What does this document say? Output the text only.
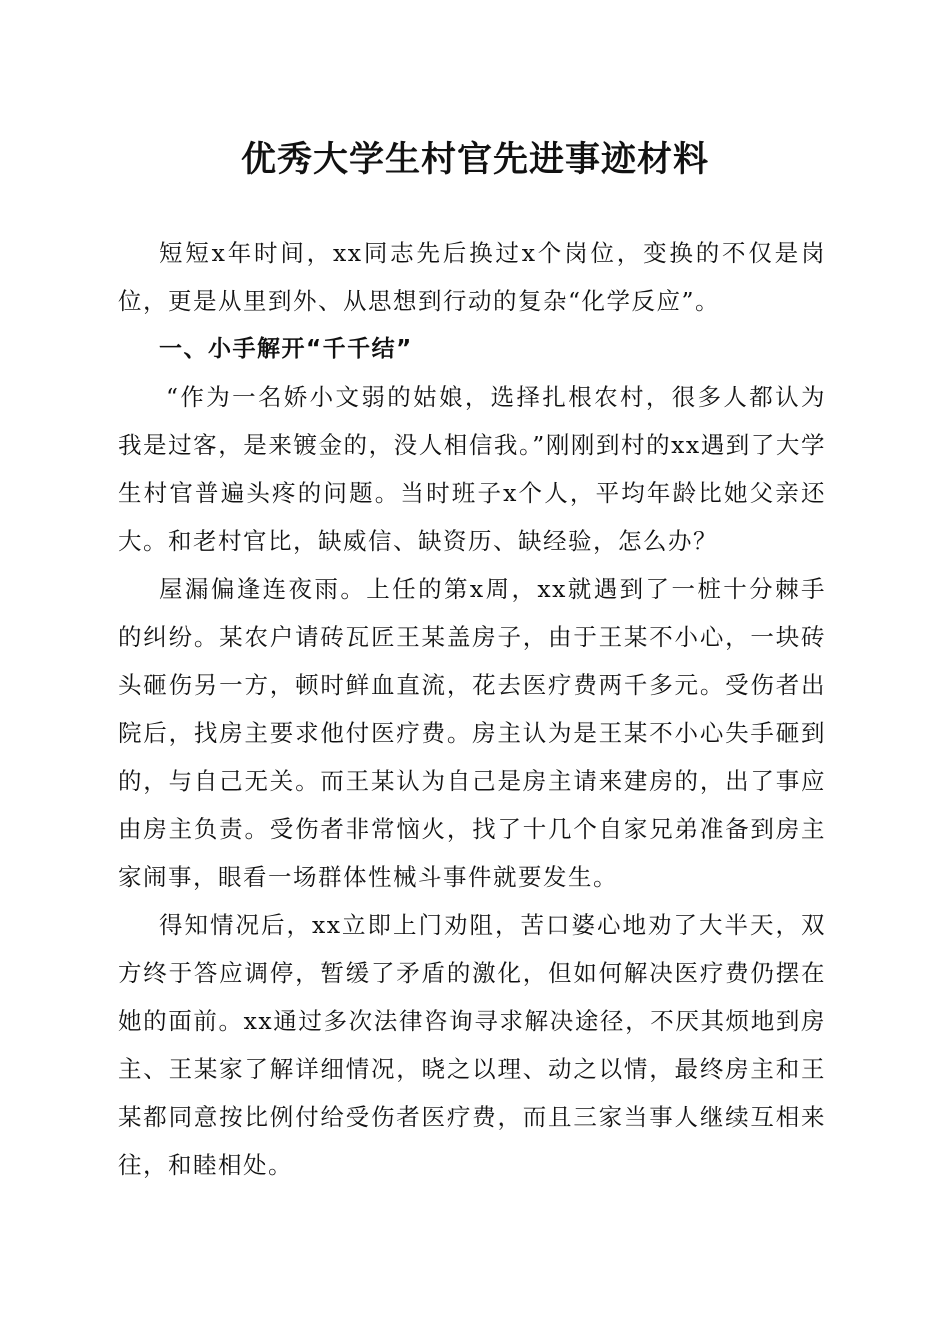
优秀大学生村官先进事迹材料

短短x年时间，xx同志先后换过x个岗位，变换的不仅是岗位，更是从里到外、从思想到行动的复杂“化学反应”。

一、小手解开“千千结”

“作为一名娇小文弱的姑娘，选择扎根农村，很多人都认为我是过客，是来镀金的，没人相信我。”刚刚到村的xx遇到了大学生村官普遍头疼的问题。当时班子x个人，平均年龄比她父亲还大。和老村官比，缺威信、缺资历、缺经验，怎么办？

屋漏偏逢连夜雨。上任的第x周，xx就遇到了一桩十分棘手的纠纷。某农户请砖瓦匠王某盖房子，由于王某不小心，一块砖头砸伤另一方，顿时鲜血直流，花去医疗费两千多元。受伤者出院后，找房主要求他付医疗费。房主认为是王某不小心失手砸到的，与自己无关。而王某认为自己是房主请来建房的，出了事应由房主负责。受伤者非常恼火，找了十几个自家兄弟准备到房主家闹事，眼看一场群体性械斗事件就要发生。

得知情况后，xx立即上门劝阻，苦口婆心地劝了大半天，双方终于答应调停，暂缓了矛盾的激化，但如何解决医疗费仍摆在她的面前。xx通过多次法律咨询寻求解决途径，不厌其烦地到房主、王某家了解详细情况，晓之以理、动之以情，最终房主和王某都同意按比例付给受伤者医疗费，而且三家当事人继续互相来往，和睦相处。
